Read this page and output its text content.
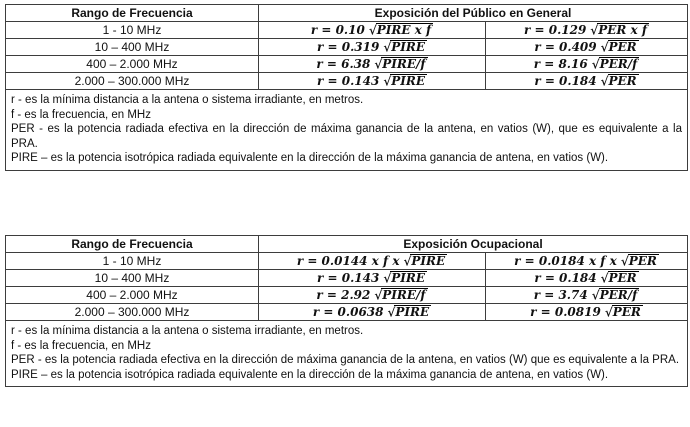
Rango de Frecuencia	Exposición del Público en General	
1 - 10 MHz	r = 0.10 √PIRE x f	r = 0.129 √PER x f
10 – 400 MHz	r = 0.319 √PIRE	r = 0.409 √PER
400 – 2.000 MHz	r = 6.38 √PIRE/f	r = 8.16 √PER/f
2.000 – 300.000 MHz	r = 0.143 √PIRE	r = 0.184 √PER

r - es la mínima distancia a la antena o sistema irradiante, en metros.

f - es la frecuencia, en MHz

PER - es la potencia radiada efectiva en la dirección de máxima ganancia de la antena, en vatios (W), que es equivalente a la PRA.

PIRE – es la potencia isotrópica radiada equivalente en la dirección de la máxima ganancia de antena, en vatios (W).		

Rango de Frecuencia	Exposición Ocupacional	
1 - 10 MHz	r = 0.0144 x f x √PIRE	r = 0.0184 x f x √PER
10 – 400 MHz	r = 0.143 √PIRE	r = 0.184 √PER
400 – 2.000 MHz	r = 2.92 √PIRE/f	r = 3.74 √PER/f
2.000 – 300.000 MHz	r = 0.0638 √PIRE	r = 0.0819 √PER

r - es la mínima distancia a la antena o sistema irradiante, en metros.

f - es la frecuencia, en MHz

PER - es la potencia radiada efectiva en la dirección de máxima ganancia de la antena, en vatios (W) que es equivalente a la PRA.

PIRE – es la potencia isotrópica radiada equivalente en la dirección de la máxima ganancia de antena, en vatios (W).		
